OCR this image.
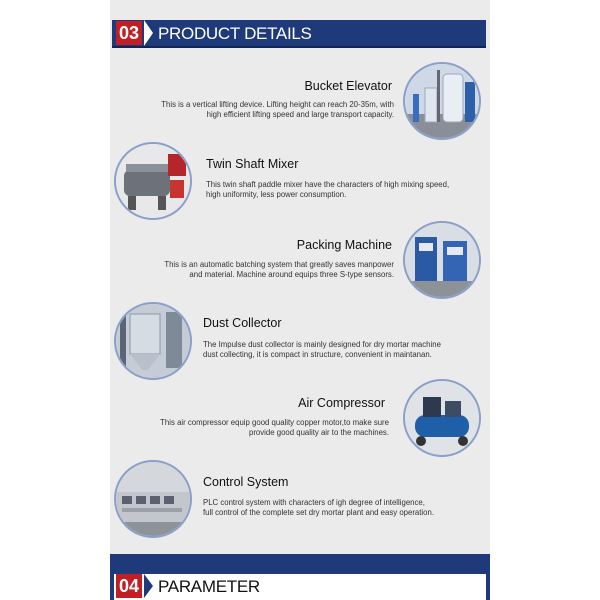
03 PRODUCT DETAILS
Bucket Elevator
This is a vertical lifting device. Lifting height can reach 20-35m, with
high efficient lifting speed and large transport capacity.
Twin Shaft Mixer
This twin shaft paddle mixer have the characters of high mixing speed,
high uniformity, less power consumption.
Packing Machine
This is an automatic batching system that greatly saves manpower
and material. Machine around equips three S-type sensors.
Dust Collector
The Impulse dust collector is mainly designed for dry mortar machine
dust collecting, it is compact in structure, convenient in maintanan.
Air Compressor
This air compressor equip good quality copper motor,to make sure
provide good quality air to the machines.
Control System
PLC control system with characters of igh degree of intelligence,
full control of the complete set dry mortar plant and easy operation.
04 PARAMETER
